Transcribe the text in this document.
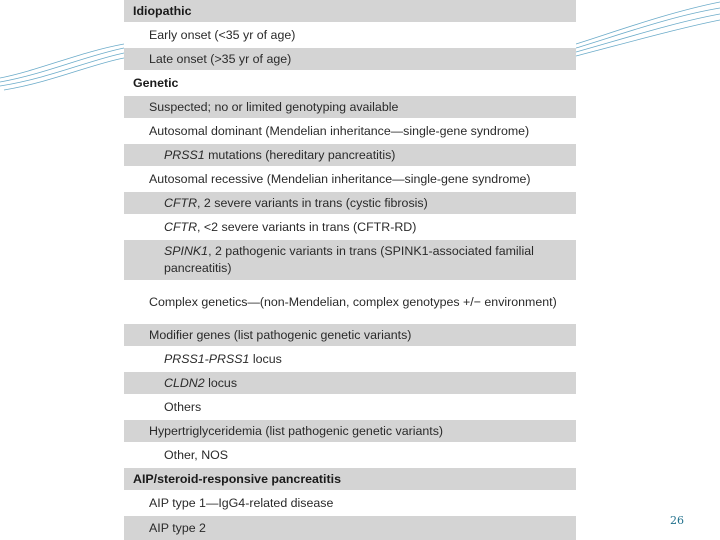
Idiopathic
Early onset (<35 yr of age)
Late onset (>35 yr of age)
Genetic
Suspected; no or limited genotyping available
Autosomal dominant (Mendelian inheritance—single-gene syndrome)
PRSS1 mutations (hereditary pancreatitis)
Autosomal recessive (Mendelian inheritance—single-gene syndrome)
CFTR, 2 severe variants in trans (cystic fibrosis)
CFTR, <2 severe variants in trans (CFTR-RD)
SPINK1, 2 pathogenic variants in trans (SPINK1-associated familial pancreatitis)
Complex genetics—(non-Mendelian, complex genotypes +/− environment)
Modifier genes (list pathogenic genetic variants)
PRSS1-PRSS1 locus
CLDN2 locus
Others
Hypertriglyceridemia (list pathogenic genetic variants)
Other, NOS
AIP/steroid-responsive pancreatitis
AIP type 1—IgG4-related disease
AIP type 2	26
